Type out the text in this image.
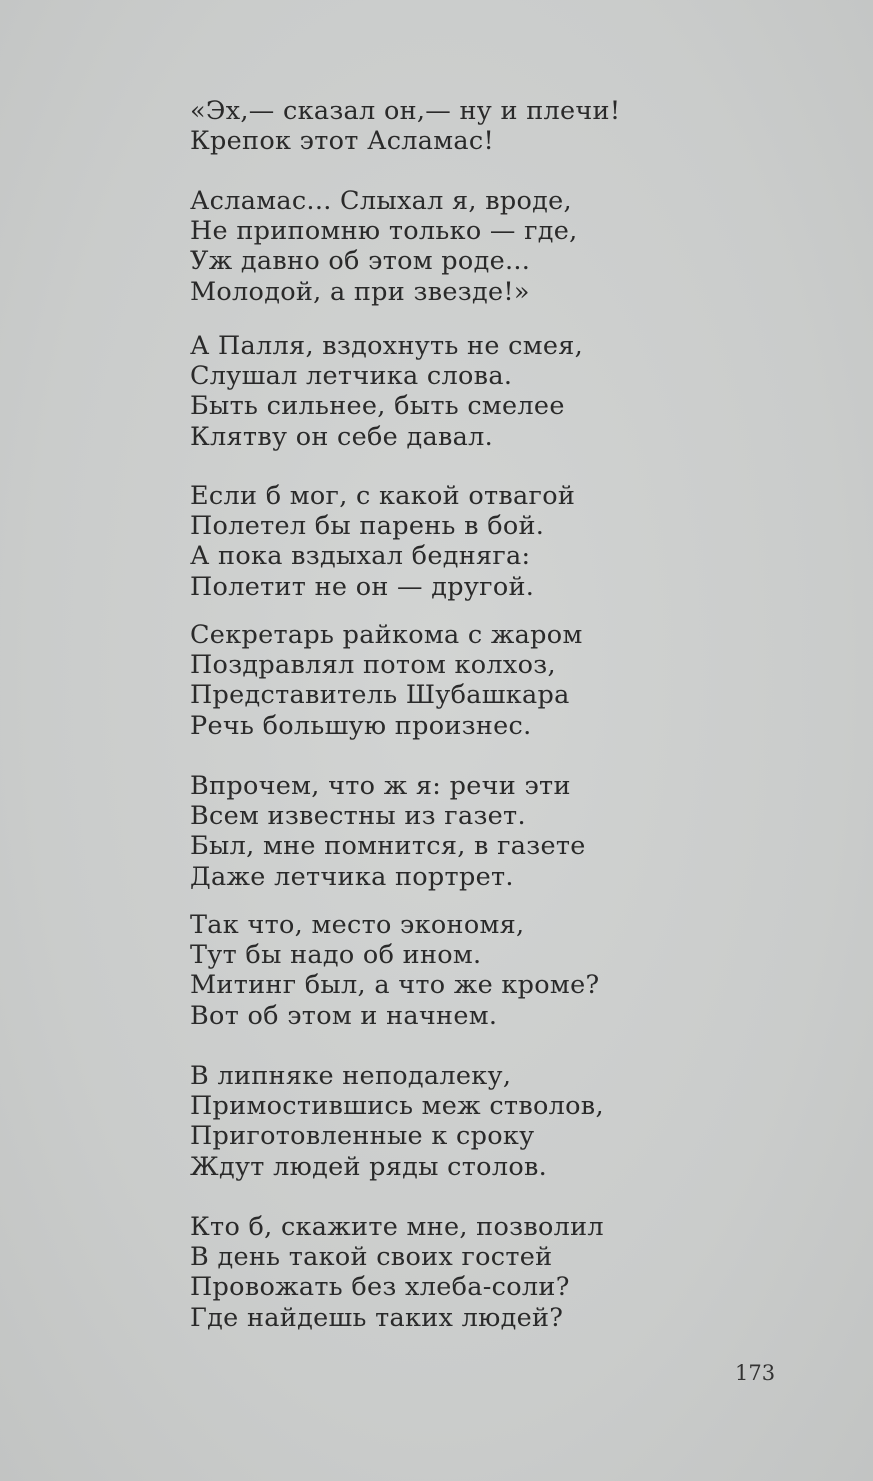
«Эх,— сказал он,— ну и плечи!
Крепок этот Асламас!
Асламас... Слыхал я, вроде,
Не припомню только — где,
Уж давно об этом роде...
Молодой, а при звезде!»
А Палля, вздохнуть не смея,
Слушал летчика слова.
Быть сильнее, быть смелее
Клятву он себе давал.
Если б мог, с какой отвагой
Полетел бы парень в бой.
А пока вздыхал бедняга:
Полетит не он — другой.
Секретарь райкома с жаром
Поздравлял потом колхоз,
Представитель Шубашкара
Речь большую произнес.
Впрочем, что ж я: речи эти
Всем известны из газет.
Был, мне помнится, в газете
Даже летчика портрет.
Так что, место экономя,
Тут бы надо об ином.
Митинг был, а что же кроме?
Вот об этом и начнем.
В липняке неподалеку,
Примостившись меж стволов,
Приготовленные к сроку
Ждут людей ряды столов.
Кто б, скажите мне, позволил
В день такой своих гостей
Провожать без хлеба-соли?
Где найдешь таких людей?
173
